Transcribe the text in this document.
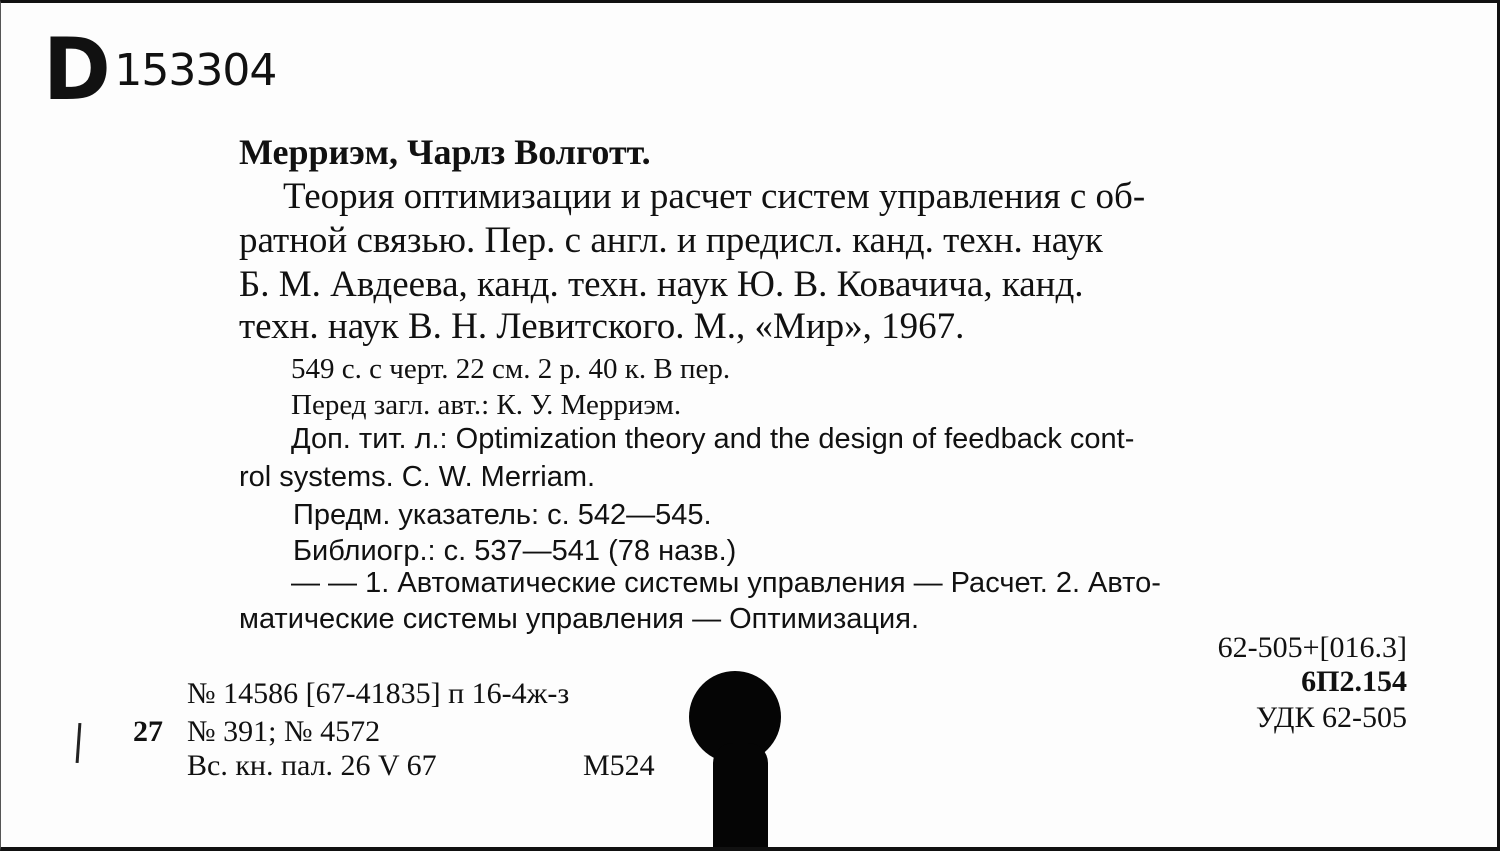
D153304
Мерриэм, Чарлз Волготт.
Теория оптимизации и расчет систем управления с об-
ратной связью. Пер. с англ. и предисл. канд. техн. наук
Б. М. Авдеева, канд. техн. наук Ю. В. Ковачича, канд.
техн. наук В. Н. Левитского. М., «Мир», 1967.
549 с. с черт. 22 см. 2 р. 40 к. В пер.
Перед загл. авт.: К. У. Мерриэм.
Доп. тит. л.: Optimization theory and the design of feedback cont-
rol systems. C. W. Merriam.
Предм. указатель: с. 542—545.
Библиогр.: с. 537—541 (78 назв.)
— — 1. Автоматические системы управления — Расчет. 2. Авто-
матические системы управления — Оптимизация.
62-505+[016.3]
6П2.154
УДК 62-505
№ 14586 [67-41835] п 16-4ж-з
27 № 391; № 4572
Вс. кн. пал. 26 V 67	М524
